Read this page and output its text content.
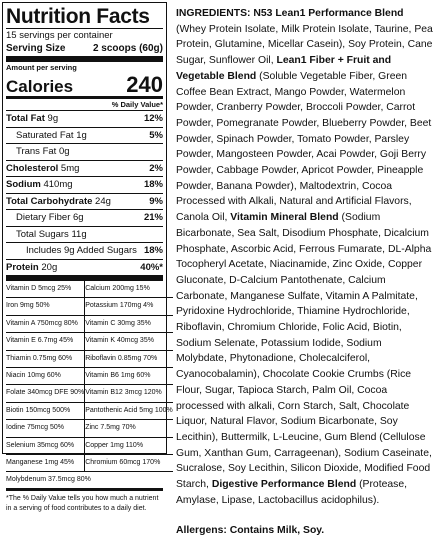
Nutrition Facts
15 servings per container
Serving Size	2 scoops (60g)
Amount per serving
Calories 240
% Daily Value*
Total Fat 9g	12%
Saturated Fat 1g	5%
Trans Fat 0g
Cholesterol 5mg	2%
Sodium 410mg	18%
Total Carbohydrate 24g	9%
Dietary Fiber 6g	21%
Total Sugars 11g
Includes 9g Added Sugars 18%
Protein 20g	40%*
Vitamin D 5mcg 25%	Calcium 200mg 15%
Iron 9mg 50%	Potassium 170mg 4%
Vitamin A 750mcg 80%	Vitamin C 30mg 35%
Vitamin E 6.7mg 45%	Vitamin K 40mcg 35%
Thiamin 0.75mg 60%	Riboflavin 0.85mg 70%
Niacin 10mg 60%	Vitamin B6 1mg 60%
Folate 340mcg DFE 90% Vitamin B12 3mcg 120%
Biotin 150mcg 500%	Pantothenic Acid 5mg 100%
Iodine 75mcg 50%	Zinc 7.5mg 70%
Selenium 35mcg 60%	Copper 1mg 110%
Manganese 1mg 45%	Chromium 60mcg 170%
Molybdenum 37.5mcg 80%
*The % Daily Value tells you how much a nutrient in a serving of food contributes to a daily diet.

INGREDIENTS: N53 Lean1 Performance Blend (Whey Protein Isolate, Milk Protein Isolate, Taurine, Pea Protein, Glutamine, Micellar Casein), Soy Protein, Cane Sugar, Sunflower Oil, Lean1 Fiber + Fruit and Vegetable Blend (Soluble Vegetable Fiber, Green Coffee Bean Extract, Mango Powder, Watermelon Powder, Cranberry Powder, Broccoli Powder, Carrot Powder, Pomegranate Powder, Blueberry Powder, Beet Powder, Spinach Powder, Tomato Powder, Parsley Powder, Mangosteen Powder, Acai Powder, Goji Berry Powder, Cabbage Powder, Apricot Powder, Pineapple Powder, Banana Powder), Maltodextrin, Cocoa Processed with Alkali, Natural and Artificial Flavors, Canola Oil, Vitamin Mineral Blend (Sodium Bicarbonate, Sea Salt, Disodium Phosphate, Dicalcium Phosphate, Ascorbic Acid, Ferrous Fumarate, DL-Alpha Tocopheryl Acetate, Niacinamide, Zinc Oxide, Copper Gluconate, D-Calcium Pantothenate, Calcium Carbonate, Manganese Sulfate, Vitamin A Palmitate, Pyridoxine Hydrochloride, Thiamine Hydrochloride, Riboflavin, Chromium Chloride, Folic Acid, Biotin, Sodium Selenate, Potassium Iodide, Sodium Molybdate, Phytonadione, Cholecalciferol, Cyanocobalamin), Chocolate Cookie Crumbs (Rice Flour, Sugar, Tapioca Starch, Palm Oil, Cocoa processed with alkali, Corn Starch, Salt, Chocolate Liquor, Natural Flavor, Sodium Bicarbonate, Soy Lecithin), Buttermilk, L-Leucine, Gum Blend (Cellulose Gum, Xanthan Gum, Carrageenan), Sodium Caseinate, Sucralose, Soy Lecithin, Silicon Dioxide, Modified Food Starch, Digestive Performance Blend (Protease, Amylase, Lipase, Lactobacillus acidophilus).

Allergens: Contains Milk, Soy.
